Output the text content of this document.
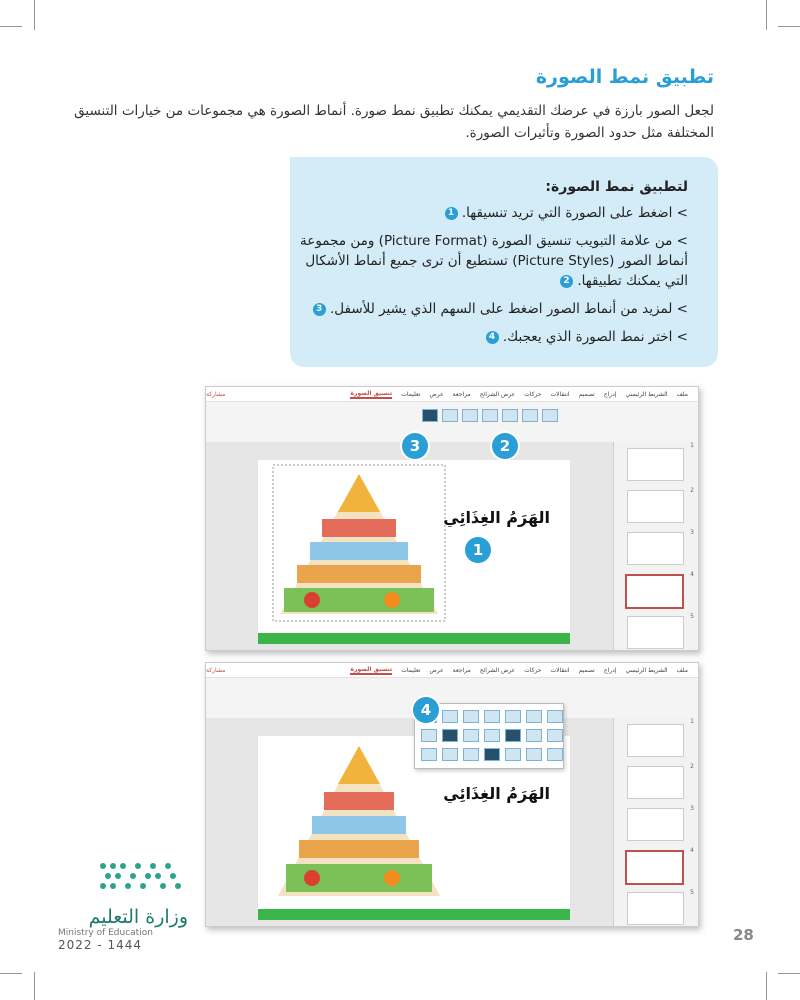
تطبيق نمط الصورة
لجعل الصور بارزة في عرضك التقديمي يمكنك تطبيق نمط صورة. أنماط الصورة هي مجموعات من خيارات التنسيق المختلفة مثل حدود الصورة وتأثيرات الصورة.
لتطبيق نمط الصورة:
> اضغط على الصورة التي تريد تنسيقها. 1
> من علامة التبويب تنسيق الصورة (Picture Format) ومن مجموعة أنماط الصور (Picture Styles) تستطيع أن ترى جميع أنماط الأشكال التي يمكنك تطبيقها. 2
> لمزيد من أنماط الصور اضغط على السهم الذي يشير للأسفل. 3
> اختر نمط الصورة الذي يعجبك. 4
ملف
الشريط الرئيسي
إدراج
تصميم
انتقالات
حركات
عرض الشرائح
مراجعة
عرض
تعليمات
تنسيق الصورة
مشاركة
الهَرَمُ الغِذَائِي
1
2
3
4
5
3	2
1
ملف
الشريط الرئيسي
إدراج
تصميم
انتقالات
حركات
عرض الشرائح
مراجعة
عرض
تعليمات
تنسيق الصورة
مشاركة
الهَرَمُ الغِذَائِي
1
2
3
4
5
4
وزارة التعليم
Ministry of Education
2022 - 1444
28
